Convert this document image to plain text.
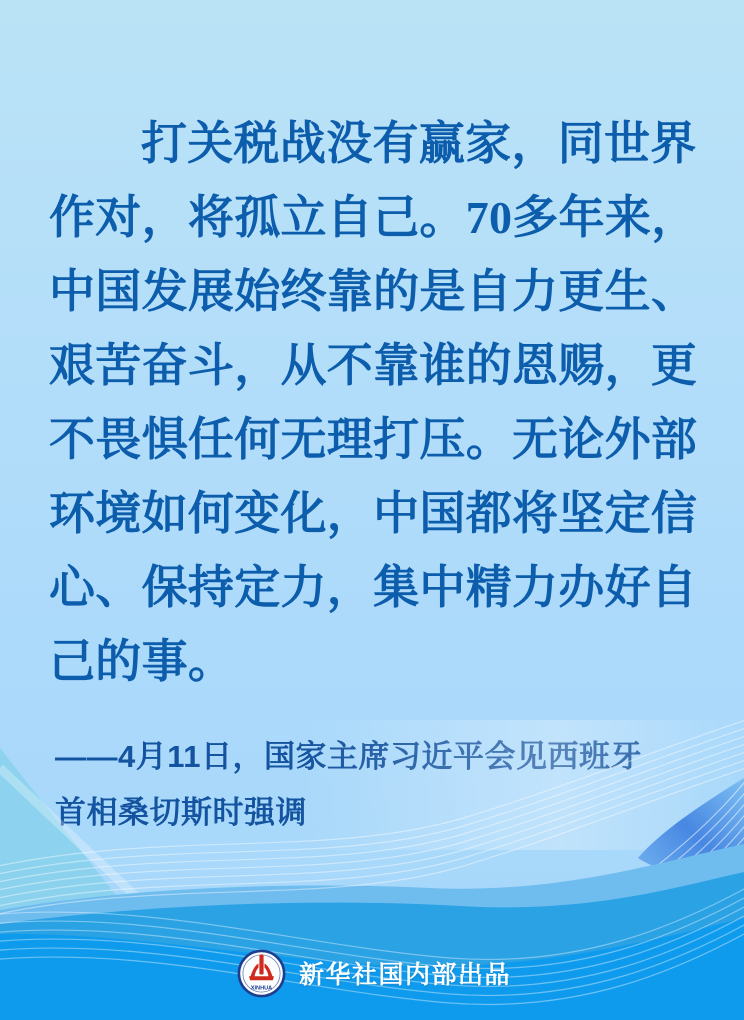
打关税战没有赢家，同世界
作对，将孤立自己。70多年来，
中国发展始终靠的是自力更生、
艰苦奋斗，从不靠谁的恩赐，更
不畏惧任何无理打压。无论外部
环境如何变化，中国都将坚定信
心、保持定力，集中精力办好自
己的事。
XINHUA 新华社国内部出品
